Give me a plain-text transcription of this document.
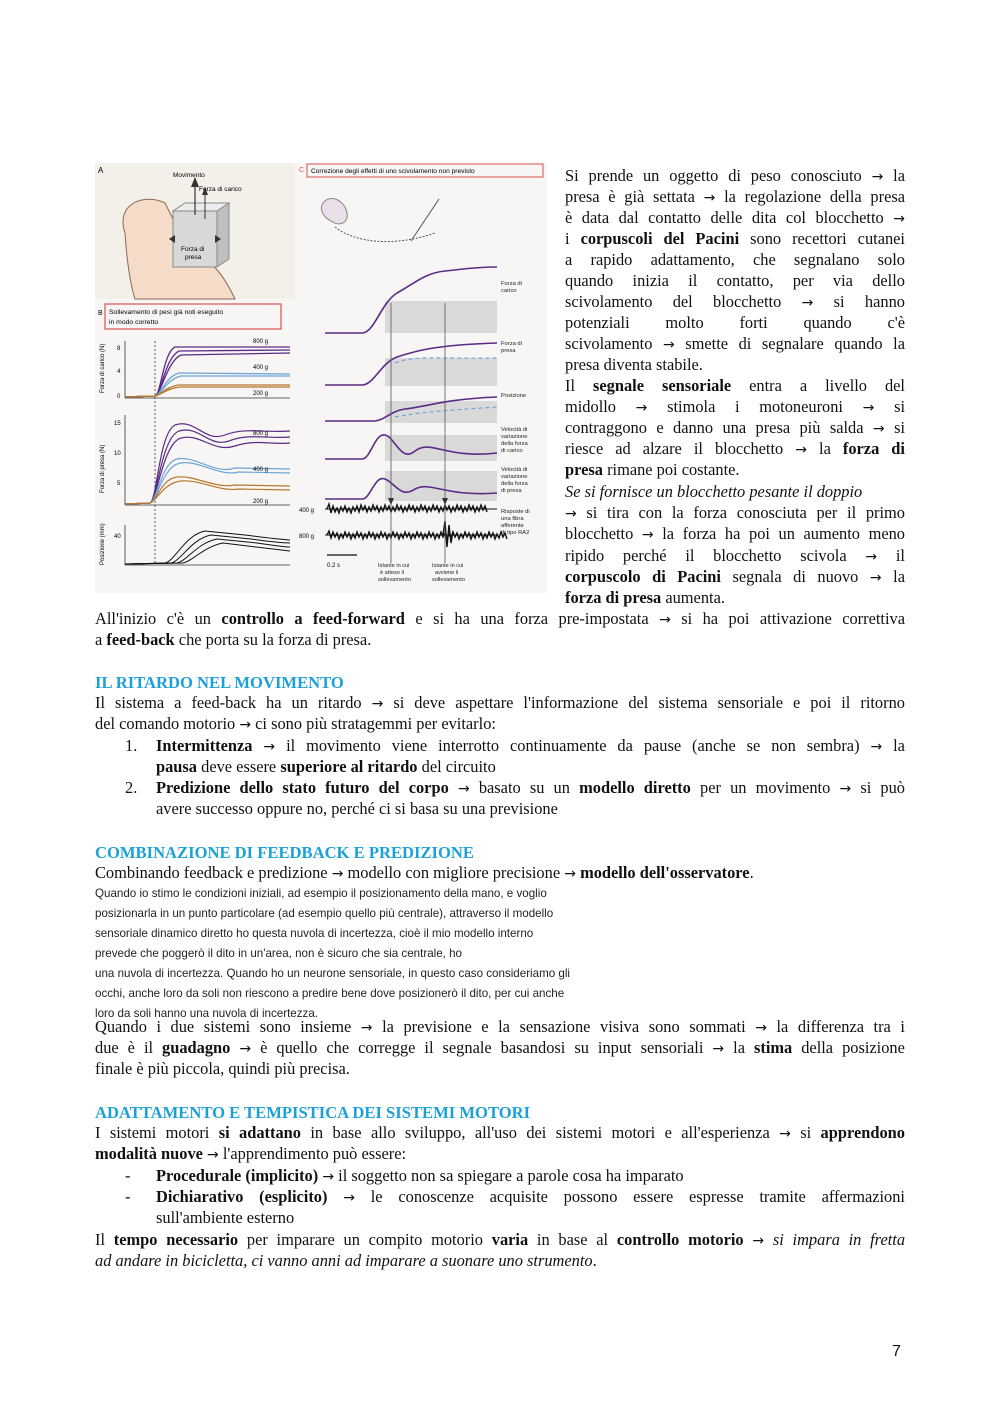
A
Movimento
Forza di carico
Forza di
presa
B Sollevamento di pesi già noti eseguito
in modo corretto
Forza di carico (N)
Forza di presa (N)
Posizione (mm)
8
4
0
15
10
5
40
800 g
400 g
200 g
800 g
400 g
200 g
C Correzione degli effetti di uno scivolamento non previsto
0.2 s
400 g
800 g
Istante in cui
è atteso il
sollevamento
Istante in cui
avviene il
sollevamento
Forza di
carico
Forza di
presa
Posizione
Velocità di
variazione
della forza
di carico
Velocità di
variazione
della forza
di presa
Risposte di
una fibra
afferente
di tipo RA2

Si prende un oggetto di peso conosciuto → la

presa è già settata → la regolazione della presa

è data dal contatto delle dita col blocchetto →

i corpuscoli del Pacini sono recettori cutanei

a rapido adattamento, che segnalano solo

quando inizia il contatto, per via dello

scivolamento del blocchetto → si hanno

potenziali molto forti quando c'è

scivolamento → smette di segnalare quando la

presa diventa stabile.

Il segnale sensoriale entra a livello del

midollo → stimola i motoneuroni → si

contraggono e danno una presa più salda → si

riesce ad alzare il blocchetto → la forza di

presa rimane poi costante.

Se si fornisce un blocchetto pesante il doppio

→ si tira con la forza conosciuta per il primo

blocchetto → la forza ha poi un aumento meno

ripido perché il blocchetto scivola → il

corpuscolo di Pacini segnala di nuovo → la

forza di presa aumenta.

All'inizio c'è un controllo a feed-forward e si ha una forza pre-impostata → si ha poi attivazione correttiva

a feed-back che porta su la forza di presa.

IL RITARDO NEL MOVIMENTO

Il sistema a feed-back ha un ritardo → si deve aspettare l'informazione del sistema sensoriale e poi il ritorno

del comando motorio → ci sono più stratagemmi per evitarlo:

1. Intermittenza → il movimento viene interrotto continuamente da pause (anche se non sembra) → la

pausa deve essere superiore al ritardo del circuito

2. Predizione dello stato futuro del corpo → basato su un modello diretto per un movimento → si può

avere successo oppure no, perché ci si basa su una previsione

COMBINAZIONE DI FEEDBACK E PREDIZIONE

Combinando feedback e predizione → modello con migliore precisione → modello dell'osservatore.

Quando io stimo le condizioni iniziali, ad esempio il posizionamento della mano, e voglio
posizionarla in un punto particolare (ad esempio quello più centrale), attraverso il modello
sensoriale dinamico diretto ho questa nuvola di incertezza, cioè il mio modello interno
prevede che poggerò il dito in un'area, non è sicuro che sia centrale, ho
una nuvola di incertezza. Quando ho un neurone sensoriale, in questo caso consideriamo gli
occhi, anche loro da soli non riescono a predire bene dove posizionerò il dito, per cui anche
loro da soli hanno una nuvola di incertezza.

Quando i due sistemi sono insieme → la previsione e la sensazione visiva sono sommati → la differenza tra i

due è il guadagno → è quello che corregge il segnale basandosi su input sensoriali → la stima della posizione

finale è più piccola, quindi più precisa.

ADATTAMENTO E TEMPISTICA DEI SISTEMI MOTORI

I sistemi motori si adattano in base allo sviluppo, all'uso dei sistemi motori e all'esperienza → si apprendono

modalità nuove → l'apprendimento può essere:

- Procedurale (implicito) → il soggetto non sa spiegare a parole cosa ha imparato

- Dichiarativo (esplicito) → le conoscenze acquisite possono essere espresse tramite affermazioni

sull'ambiente esterno

Il tempo necessario per imparare un compito motorio varia in base al controllo motorio → si impara in fretta

ad andare in bicicletta, ci vanno anni ad imparare a suonare uno strumento.

7
